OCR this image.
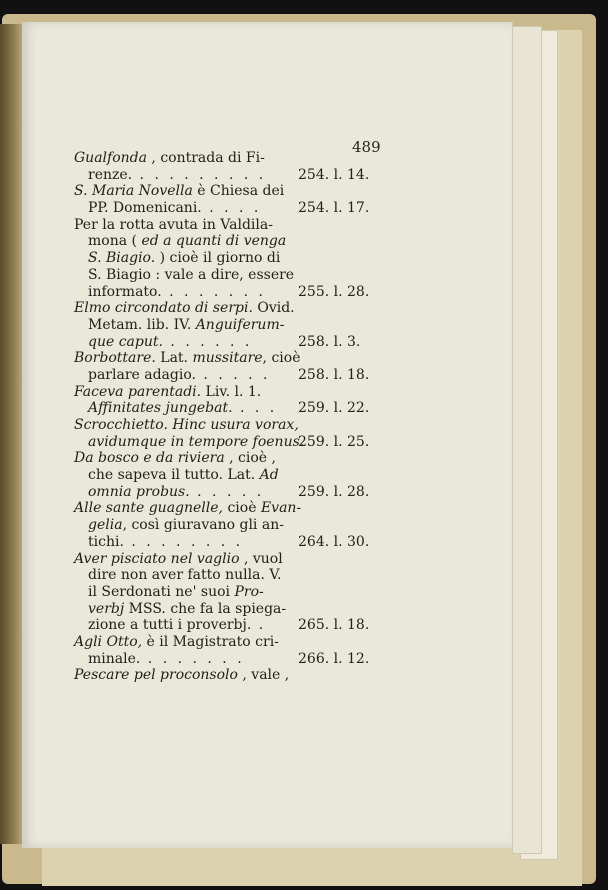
489
Gualfonda , contrada di Fi-
renze. . . . . . . . . . 254. l. 14.
S. Maria Novella è Chiesa dei
PP. Domenicani. . . . .	254. l. 17.
Per la rotta avuta in Valdila-
mona ( ed a quanti di venga
S. Biagio. ) cioè il giorno di
S. Biagio : vale a dire, essere
informato. . . . . . . . 255. l. 28.
Elmo circondato di serpi. Ovid.
Metam. lib. IV. Anguiferum-
que caput. . . . . . .	258. l. 3.
Borbottare. Lat. mussitare, cioè
parlare adagio. . . . . . 258. l. 18.
Faceva parentadi. Liv. l. 1.
Affinitates jungebat. . . . 259. l. 22.
Scrocchietto. Hinc usura vorax,
avidumque in tempore foenus.
259. l. 25.
Da bosco e da riviera , cioè ,
che sapeva il tutto. Lat. Ad
omnia probus. . . . . . 259. l. 28.
Alle sante guagnelle, cioè Evan-
gelia, così giuravano gli an-
tichi. . . . . . . . .	264. l. 30.
Aver pisciato nel vaglio , vuol
dire non aver fatto nulla. V.
il Serdonati ne' suoi Pro-
verbj MSS. che fa la spiega-
zione a tutti i proverbj. . 265. l. 18.
Agli Otto, è il Magistrato cri-
minale. . . . . . . .	266. l. 12.
Pescare pel proconsolo , vale ,
